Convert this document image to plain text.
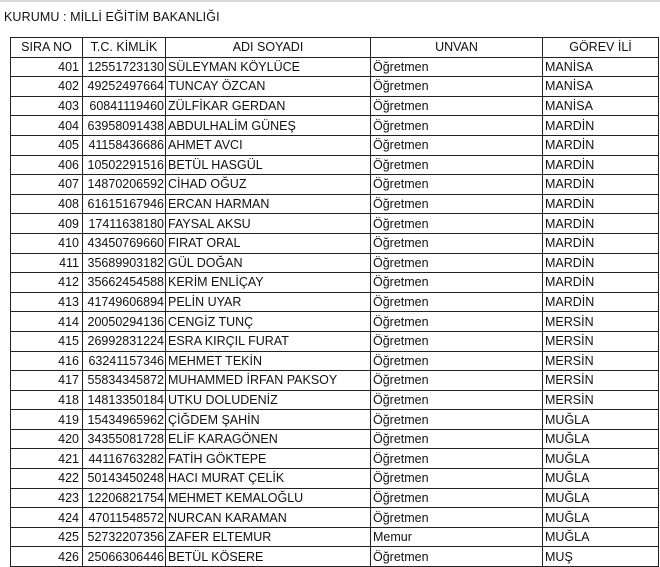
KURUMU : MİLLİ EĞİTİM BAKANLIĞI
SIRA NO	T.C. KİMLİK	ADI SOYADI	UNVAN	GÖREV İLİ
401	12551723130	SÜLEYMAN KÖYLÜCE	Öğretmen	MANİSA
402	49252497664	TUNCAY ÖZCAN	Öğretmen	MANİSA
403	60841119460	ZÜLFİKAR GERDAN	Öğretmen	MANİSA
404	63958091438	ABDULHALİM GÜNEŞ	Öğretmen	MARDİN
405	41158436686	AHMET AVCI	Öğretmen	MARDİN
406	10502291516	BETÜL HASGÜL	Öğretmen	MARDİN
407	14870206592	CİHAD OĞUZ	Öğretmen	MARDİN
408	61615167946	ERCAN HARMAN	Öğretmen	MARDİN
409	17411638180	FAYSAL AKSU	Öğretmen	MARDİN
410	43450769660	FIRAT ORAL	Öğretmen	MARDİN
411	35689903182	GÜL DOĞAN	Öğretmen	MARDİN
412	35662454588	KERİM ENLİÇAY	Öğretmen	MARDİN
413	41749606894	PELİN UYAR	Öğretmen	MARDİN
414	20050294136	CENGİZ TUNÇ	Öğretmen	MERSİN
415	26992831224	ESRA KIRÇIL FURAT	Öğretmen	MERSİN
416	63241157346	MEHMET TEKİN	Öğretmen	MERSİN
417	55834345872	MUHAMMED İRFAN PAKSOY	Öğretmen	MERSİN
418	14813350184	UTKU DOLUDENİZ	Öğretmen	MERSİN
419	15434965962	ÇİĞDEM ŞAHİN	Öğretmen	MUĞLA
420	34355081728	ELİF KARAGÖNEN	Öğretmen	MUĞLA
421	44116763282	FATİH GÖKTEPE	Öğretmen	MUĞLA
422	50143450248	HACI MURAT ÇELİK	Öğretmen	MUĞLA
423	12206821754	MEHMET KEMALOĞLU	Öğretmen	MUĞLA
424	47011548572	NURCAN KARAMAN	Öğretmen	MUĞLA
425	52732207356	ZAFER ELTEMUR	Memur	MUĞLA
426	25066306446	BETÜL KÖSERE	Öğretmen	MUŞ
